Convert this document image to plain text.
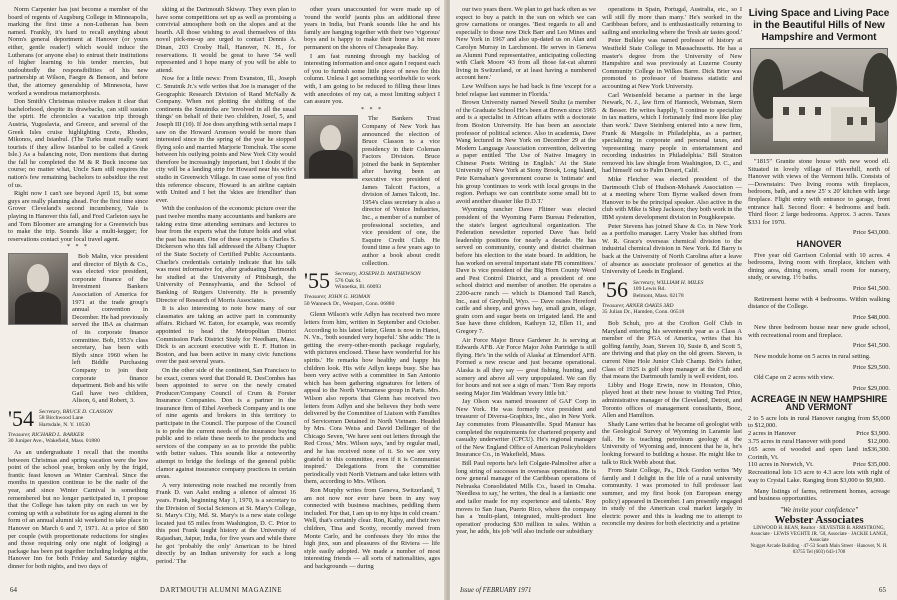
Norm Carpenter has just become a member of the board of regents of Augsburg College in Minneapolis, marking the first time a non-Lutheran has been named. Frankly, it's hard to recall anything about Norm's general deportment at Hanover (or yours either, gentle reader!) which would induce the Lutherans (or anyone else) to entrust their institutions of higher learning to his tender mercies, but undoubtedly the responsibilities of his new partnership at Wilson, Faegre & Benson, and before that, the attorney generalship of Minnesota, have worked a wondrous metamorphosis.

Don Smith's Christmas missive makes it clear that bachelorhood, despite its drawbacks, can still sustain the spirit. He chronicles a vacation trip through Austria, Yugoslavia, and Greece, and several of the Greek Isles cruise highlighting Crete, Rhodes, Mikonos, and Istanbul. (The Turks must really want tourists if they allow Istanbul to be called a Greek Isle.) As a balancing note, Don mentions that during the fall he completed the M & R Buck income tax course; no matter what, Uncle Sam still requires the nation's few remaining bachelors to subsidize the rest of us.

Right now I can't see beyond April 15, but some guys are really planning ahead. For the first time since Grover Cleveland's second incumbency, Yale is playing in Hanover this fall, and Fred Carleton says he and Tom Bloomer are arranging for a Greenwich bus to make the trip. Sounds like a multi-kegger; for reservations contact your local travel agent.

* * *

Bob Malin, vice president and director of Blyth & Co., was elected vice president, corporate finance of the Investment Bankers Association of America for 1971 at the trade group's annual convention in December. He had previously served the IBA as chairman of its corporate finance committee. Bob, 1953's class secretary, has been with Blyth since 1960 when he left Biddle Purchasing Company to join their corporate finance department. Bob and his wife Gail have two children, Alison, 6, and Robert, 3.

'54 Secretary, BRUCE D. CLASSON
58 Birchwood Lane
Hartsdale, N. Y. 10530
Treasurer, RICHARD L. BARKER
30 Juniper Ave., Wakefield, Mass. 01880

As an undergraduate I recall that the months between Christmas and spring vacation were the low point of the school year, broken only by the frigid, frantic feast known as Winter Carnival. Since the months in question continue to be the nadir of the year, and since Winter Carnival is something remembered but no longer participated in, I propose that the College has taken pity on each us we by coming up with a substitute for us aging alumni in the form of an annual alumni ski weekend to take place in Hanover on March 6 and 7, 1971. At a price of $80 per couple (with proportionate reductions for singles and those requiring only one night of lodging) a package has been put together including lodging at the Hanover Inn for both Friday and Saturday nights, dinner for both nights, and two days of

skiing at the Dartmouth Skiway. They even plan to have some competitions set up as well as promising a convivial atmosphere both on the slopes and at the hearth. All those wishing to avail themselves of this novel pick-me-up are urged to contact Dennis A. Dinan, 203 Crosby Hall, Hanover, N. H., for reservations. It would be great to have '54 well represented and I hope many of you will be able to attend.

Now for a little news: From Evanston, Ill., Joseph C. Smutnik Jr.'s wife writes that Joe is manager of the Geographic Research Division of Rand McNally & Company. When not plotting the shifting of the continents the Smutniks are 'involved in all the usual things' on behalf of their two children, Josef, 5, and Joseph III (10). If Joe does anything with serial maps I saw on the Howard Aronson would be more than interested since in the spring of the year he stopped flying solo and married Marjorie Tomchuk. The scene between his outlying points and New York City would therefore be increasingly important, but I doubt if the city will be a landing strip for Howard near his wife's studio in Greenwich Village. In case some of you find this reference obscure, Howard is an airline captain with United and I bet the 'skies are friendlier' than ever.

With the confusion of the economic picture over the past twelve months many accountants and bankers are taking extra time attending seminars and lectures to hear from the experts what the future holds and what the past has meant. One of these experts is Charles S. Dickerson who this fall addressed the Albany Chapter of the State Society of Certified Public Accountants. Charlie's credentials certainly indicate that his talk was most informative for, after graduating Dartmouth he studied at the University of Pittsburgh, the University of Pennsylvania, and the School of Banking of Rutgers University. He is presently Director of Research of Morris Associates.

It is also interesting to note how many of our classmates are taking an active part in community affairs. Richard W. Eaton, for example, was recently appointed to head the Metropolitan District Commission Park District Study for Needham, Mass. Dick is an account executive with E. F. Hutton in Boston, and has been active in many civic functions over the past several years.

On the other side of the continent, San Francisco to be exact, comes word that Donald R. DesCombes has been appointed to serve on the newly created Producer/Company Council of Crum & Forster Insurance Companies. Don is a partner in the insurance firm of Ethel Averbeck Company and is one of nine agents and brokers in this territory to participate in the Council. The purpose of the Council is to probe the current needs of the insurance buying public and to relate these needs to the products and services of the company so as to provide the public with better values. This sounds like a noteworthy attempt to bridge the feelings of the general public clamor against insurance company practices in certain areas.

A very interesting note reached me recently from Frank D. van Aalst ending a silence of almost 16 years. Frank, beginning May 1, 1970, is a secretary to the Division of Social Sciences at St. Mary's College, St. Mary's City, Md. St. Mary's is a new state college located just 65 miles from Washington, D. C. Prior to this post Frank taught history at the University of Rajasthan, Jaipur, India, for five years and while there he got 'probably the only' American to be hired directly by an Indian university for such a long period.' The

other years unaccounted for were made up of 'round the world' jaunts plus an additional three years in India, but Frank sounds like he and his family are hanging together with their two 'vigorous' boys and is happy to make their home a bit more permanent on the shores of Chesapeake Bay.

I am fast running through my backlog of interesting information and once again I request each of you to furnish some little piece of news for this column. Unless I get something worthwhile to work with, I am going to be reduced to filling these lines with anecdotes of my cat, a most limiting subject I can assure you.

* * *

The Bankers Trust Company of New York has announced the election of Bruce Classon to a vice presidency in their Coleman Factors Division. Bruce joined the bank in September after having been an executive vice president of James Talcott Factors, a division of James Talcott, Inc. 1954's class secretary is also a director of Venice Industries, Inc., a member of a number of professional societies, and vice president of one, the Esquire Credit Club. He found time a few years ago to author a book about credit collection.

'55 Secretary, JOSEPH D. MATHEWSON
576 Oak St.
Winnetka, Ill. 60093
Treasurer, JOHN G. HOMAN
50 Wanneck Dr., Westport, Conn. 06880

Glenn Wilson's wife Adlyn has received two more letters from him, written in September and October. According to his latest letter, Glenn is now in Hanoi, N. Vn., 'both sounded very hopeful.' She adds: 'He is getting the every-other-month package regularly, with pictures enclosed. These have wonderful for his spirits.' He remarks how healthy and happy his children look. His wife Adlyn keeps busy. She has been very active with a committee in San Antonio which has been gathering signatures for letters of appeal to the North Vietnamese group in Paris. Mrs. Wilson also reports that Glenn has received two letters from Adlyn and she believes they both were delivered by the Committee of Liaison with Families of Servicemen Detained in North Vietnam. Headed by Mrs. Cora Weiss and David Dellinger of the Chicago Seven, 'We have sent out letters through the Red Cross,' Mrs. Wilson says, 'and by regular mail, and he has received none of it. So we are very grateful to this committee, even if it is Communist inspired.' Delegations from the committee periodically visit North Vietnam and take letters with them, according to Mrs. Wilson.

Ron Murphy writes from Geneva, Switzerland, 'I am not now nor ever have been in any way connected with business machines, peddling them included. For that, I am up to my hips in cold cream.' Well, that's certainly clear. Ron, Kathy, and their two children, Tina and Scotty, recently moved from Monte Carlo, and he confesses they 'do miss the high jinx, sun and pleasures of the Riviera — life style easily adopted. We made a number of most interesting friends — all sorts of nationalities, ages and backgrounds — during

64	DARTMOUTH ALUMNI MAGAZINE

our two years there. We plan to get back often as we expect to buy a patch in the sun on which we can grow carnations or oranges. 'Best regards to all and especially to those now Dick Barr and Leo Mines and New York in 1967 and also up-dated us on Alan and Carolyn Murray in Larchmont. He serves in Geneva as Alumni Fund representative, anticipating collecting with Clark Moore '43 from all those fat-cat alumni living in Switzerland, or at least having a numbered account here.'

Lew Wolfson says he had back is fine 'except for a brief relapse last summer in Florida.'

Brown University named Newell Stultz (a member of the Graduate School He's been at Brown since 1965 and is a specialist in African affairs with a doctorate from Boston University. He has been an associate professor of political science. Also in academia, Dave Wang lectured in New York on December 29 at the Modern Language Association convention, delivering a paper entitled 'The Use of Native Imagery in Chinese Poets Writing in English.' At the State University of New York at Stony Brook, Long Island, Pete Kernahan's government course is 'intimate' and his group 'continues to work with local groups in the region. Perhaps we can contribute some small bit to avoid another disaster like D.D.T.'

Wyoming rancher Dave Flitner was elected president of the Wyoming Farm Bureau Federation, the state's largest agricultural organization. The Federation newsletter reported Dave 'has held leadership positions for nearly a decade. He has served on community, county and district chairman before his election to the state board. In addition, he has worked on several important state FB committees.' Dave is vice president of the Big Horn County Weed and Pest Control District, and a president of one school district and member of another. He operates a 2200-acre ranch — which is Diamond Tail Ranch, Inc., east of Greybull, Wyo. — Dave raises Hereford cattle and sheep, and grows hay, small grain, silage, grain corn and sugar beets on irrigated land. He and Sue have three children, Kathryn 12, Ellen 11, and Gregory 7.

Air Force Major Bruce Gardener Jr. is serving at Edwards AFB. Air Force Major John Partridge is still flying. He's 'in the wilds of Alaska' at Elmendorf AFB. Formed a new rescue and just became operational. Alaska is all they say — great fishing, hunting, and scenery and above all very unpopulated. We can fly for hours and not see a sign of man.' Tom Ray reports seeing Major Jim Waldman 'every little bit.'

Jay Olson was named treasurer of GAF Corp in New York. He was formerly vice president and treasurer of Diversa-Graphics, Inc., also in New York. Jay commutes from Pleasantville. Spud Mansur has completed the requirements for chartered property and casualty underwriter (CPCU). He's regional manager of the New England Office of American Policyholders Insurance Co., in Wakefield, Mass.

Bill Paul reports he's left Colgate-Palmolive after a long string of successes in overseas operations. He is now general manager of the Caribbean operations of Nebraska Consolidated Mills Co., based in Omaha. 'Needless to say,' he writes, 'the deal is a fantastic one and tailor made for my experience and talents.' Roy moves to San Juan, Puerto Rico, where the company has a 'multi-plant, integrated, multi-product line operation' producing $30 million in sales. Within a year, he adds, his job 'will also include our subsidiary

operations in Spain, Portugal, Australia, etc., so I will still fly more than many.' He's worked in the Caribbean before, and is enthusiastically returning to sailing and snorkeling where the 'fresh air tastes good.'

Peter Bulkley was named professor of history at Westfield State College in Massachusetts. He has a master's degree from the University of New Hampshire and was previously at Luzerne County Community College in Wilkes Barre. Dick Brier was promoted to professor of business statistic and accounting at New York University.

Carl Weisenfeld became a partner in the large Newark, N. J., law firm of Hannoch, Weisman, Stern & Besser. He writes happily, 'I continue to specialize in tax matters, which I fortunately find more like play than work.' Dave Steinberg entered into a new firm, Frank & Margolis in Philadelphia, as a partner, specializing in corporate and personal taxes, and 'representing many people in entertainment and recording industries in Philadelphia.' Bill Stratton removed his law shingle from Washington, D. C., and had himself out to Palm Desert, Calif.

Mike Fletcher was elected president of the Dartmouth Club of Hudson-Mohawk Association — at a meeting where Tom Byrne walked down from Hanover to be the principal speaker. Also active in the club with Mike is Shep Jackson; they both work in the IBM system development division in Poughkeepsie.

Peter Stevens has joined Shaw & Co. in New York as a portfolio manager. Larry Vosler has shifted from W. R. Grace's overseas chemical division to the industrial chemical division in New York. Ed Barry is back at the University of North Carolina after a leave of absence as associate professor of genetics at the University of Leeds in England.

'56 Secretary, WILLIAM H. MILES
109 Lewis Rd.
Belmont, Mass. 02178
Treasurer, ARNER OAKES 3RD
35 Julian Dr., Hamden, Conn. 06518

Bob Schuh, pro at the Crofton Golf Club in Maryland entering his seventeenth year as a Class A member of the PGA of America, writes that his golfing family, Joan, Steven 10, Susie 8, and Scott 5, are thriving and that play on the old green. Steven, is current Nine Hole Junior Club Champ. Bob's father, Class of 1925 is golf shop manager at the Club and that means the Dartmouth family is well evident, too.

Libby and Hoge Erwin, now in Houston, Ohio, played host at their new house to visiting Ted Price, administrative manager of the Cleveland, Detroit, and Toronto offices of management consultants, Booz, Allen and Hamilton.

Shady Lane writes that he became oil geologist with the Geological Survey of Wyoming in Laramie last fall. He is teaching petroleum geology at the University of Wyoming and, innocent that he is, he's looking forward to building a house. He might like to talk to Rick Webb about that.

From State College, Pa., Dick Gordon writes 'My family and I delight in the life of a rural university community. I was promoted to full professor last summer, and my first book (on European energy policy) appeared in December. I am presently engaged in study of the American coal market largely in electric power and this is leading me to attempt to reconcile my desires for both electricity and a pristine

Living Space and Living Pace in the Beautiful Hills of New Hampshire and Vermont

"1815" Granite stone house with new wood ell. Situated in lovely village of Haverhill, north of Hanover with views of the Vermont hills. Consists of—Downstairs: Two living rooms with fireplaces, bedroom, bath, and a new 25' x 20' kitchen with large fireplace. Flight entry with entrance to garage, front entrance hall. Second floor: 4 bedrooms and bath. Third floor: 2 large bedrooms. Approx. 3 acres. Taxes $331 for 1970.

Price $43,000.

HANOVER

Five year old Garrison Colonial with 10 acres. 4 bedrooms, living room with fireplace, kitchen with dining area, dining room, small room for nursery, study, or sewing. 1½ baths.

Price $41,500.

Retirement home with 4 bedrooms. Within walking distance of the College.

Price $48,000.

New three bedroom house near new grade school, with recreational room and fireplace.

Price $41,500.

New module home on 5 acres in rural setting.

Price $29,500.

Old Cape on 2 acres with view.

Price $29,000.

ACREAGE IN NEW HAMPSHIRE AND VERMONT
2 to 5 acre lots in rural Hanover ranging from $5,000 to $12,000.
2 acres in Hanover	Price $3,900.
3.75 acres in rural Hanover with pond	$12,000.
165 acres of wooded and open land in Corinth, Vt.
$36,300.
110 acres in Norwich, Vt.	Price $35,000.
Recreational lots 1/3 acre to 4.3 acre lots with right of way to Crystal Lake. Ranging from $3,000 to $9,900.

Many listings of farms, retirement homes, acreage and business opportunities.

"We invite your confidence"
Webster Associates
LINWOOD H. BEAN, Realtor · SILVESTER B. ARMSTRONG, Associate · LEWIS VEGHTE JR. '50, Associate · JACKIE LANGE, Associate
Nugget Arcade Building · 47-53 South Main Street · Hanover, N. H. 03755 Tel (603) 643-1700
Issue of FEBRUARY 1971	65
